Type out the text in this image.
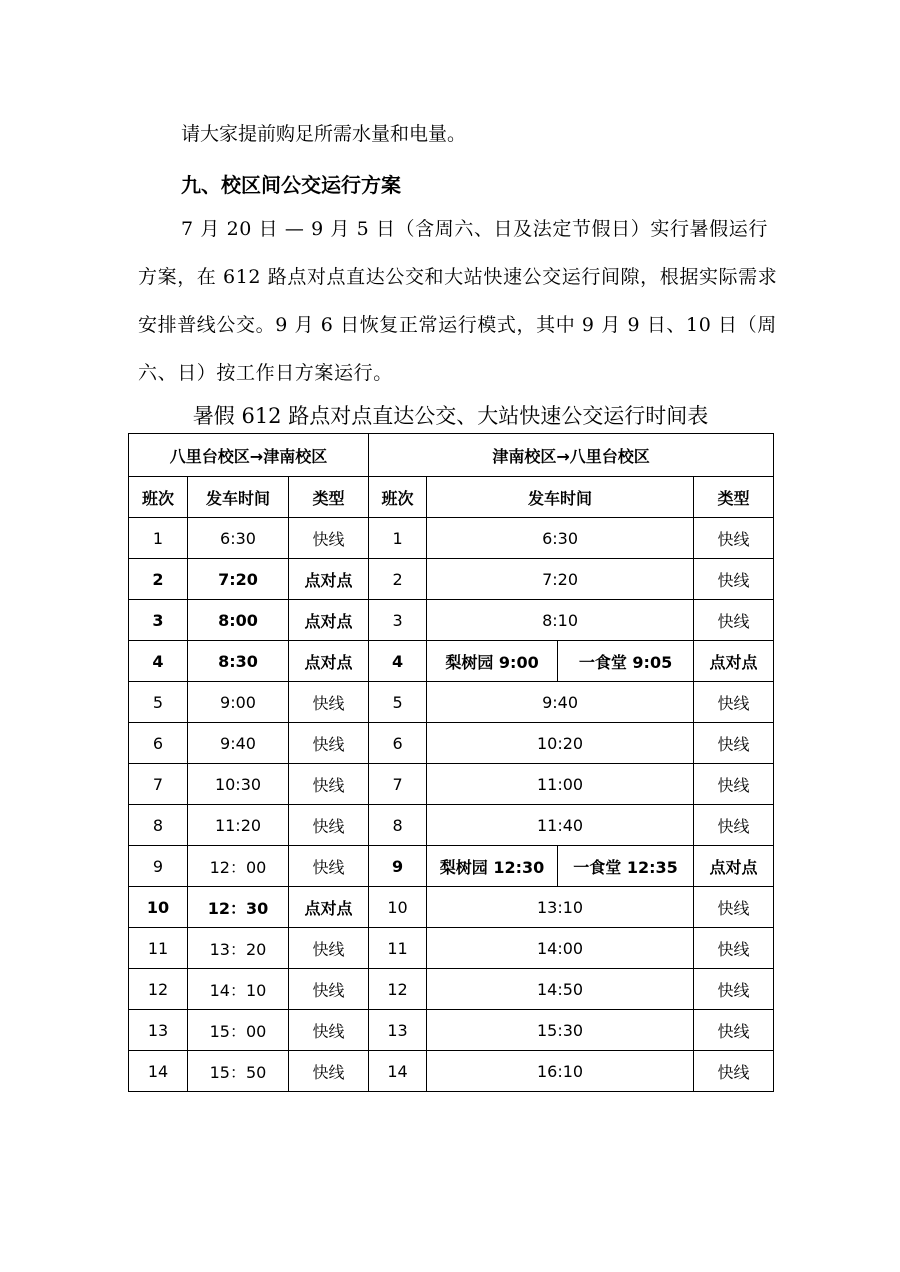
请大家提前购足所需水量和电量。
九、校区间公交运行方案
7 月 20 日 — 9 月 5 日（含周六、日及法定节假日）实行暑假运行方案，在 612 路点对点直达公交和大站快速公交运行间隙，根据实际需求安排普线公交。9 月 6 日恢复正常运行模式，其中 9 月 9 日、10 日（周六、日）按工作日方案运行。
暑假 612 路点对点直达公交、大站快速公交运行时间表
八里台校区→津南校区			津南校区→八里台校区			
班次	发车时间	类型	班次	发车时间		类型
1	6:30	快线	1	6:30		快线
2	7:20	点对点	2	7:20		快线
3	8:00	点对点	3	8:10		快线
4	8:30	点对点	4	梨树园 9:00	一食堂 9:05	点对点
5	9:00	快线	5	9:40		快线
6	9:40	快线	6	10:20		快线
7	10:30	快线	7	11:00		快线
8	11:20	快线	8	11:40		快线
9	12：00	快线	9	梨树园 12:30	一食堂 12:35	点对点
10	12：30	点对点	10	13:10		快线
11	13：20	快线	11	14:00		快线
12	14：10	快线	12	14:50		快线
13	15：00	快线	13	15:30		快线
14	15：50	快线	14	16:10		快线
